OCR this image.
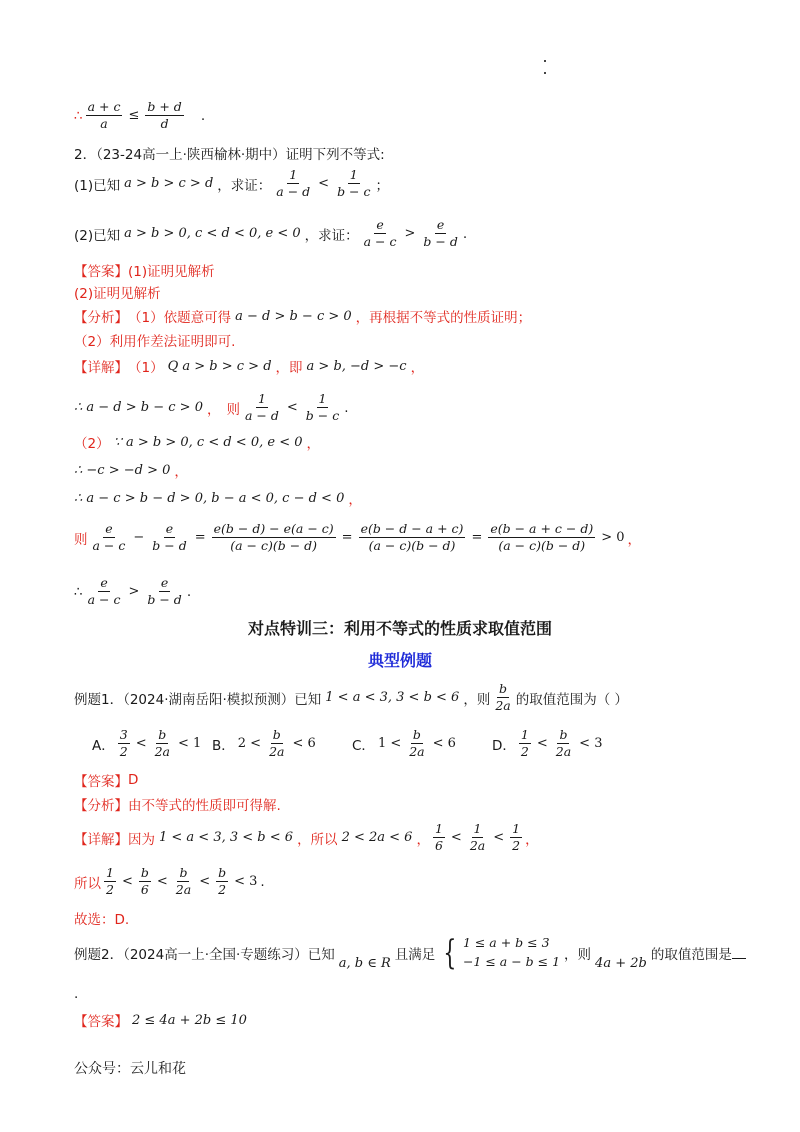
∴ $\frac{a + c}{a} \le \frac{b + d}{d}$ .
2．（23-24高一上·陕西榆林·期中）证明下列不等式:
(1)已知 a > b > c > d ，求证： $\frac{1}{a - d} < \frac{1}{b - c}$ ；
(2)已知 a > b > 0, c < d < 0, e < 0 ，求证： $\frac{e}{a - c} > \frac{e}{b - d}$ .
【答案】 (1)证明见解析
(2)证明见解析
【分析】 （1）依题意可得 a − d > b − c > 0 ，再根据不等式的性质证明；
（2）利用作差法证明即可.
【详解】 （1） Q a > b > c > d ，即 a > b, −d > −c ，
∴ a − d > b − c > 0 ， 则 $\frac{1}{a - d} < \frac{1}{b - c}$ .
（2） ∵ a > b > 0, c < d < 0, e < 0 ，
∴ −c > −d > 0 ，
∴ a − c > b − d > 0, b − a < 0, c − d < 0 ，
则 $\frac{e}{a - c} - \frac{e}{b - d} = \frac{e(b - d) - e(a - c)}{(a - c)(b - d)} = \frac{e(b - d - a + c)}{(a - c)(b - d)} = \frac{e(b - a + c - d)}{(a - c)(b - d)} > 0$ ，
∴ $\frac{e}{a - c} > \frac{e}{b - d}$ .
对点特训三：利用不等式的性质求取值范围
典型例题
例题1．（2024·湖南岳阳·模拟预测）已知 1 < a < 3, 3 < b < 6 ，则 $\frac{b}{2a}$ 的取值范围为（ ）
A． $\frac{3}{2} < \frac{b}{2a} < 1$ B． $2 < \frac{b}{2a} < 6$	C． $1 < \frac{b}{2a} < 6$	D． $\frac{1}{2} < \frac{b}{2a} < 3$
【答案】 D
【分析】 由不等式的性质即可得解.
【详解】 因为 1 < a < 3, 3 < b < 6 ，所以 2 < 2a < 6 ， $\frac{1}{6} < \frac{1}{2a} < \frac{1}{2}$ ，
所以 $\frac{1}{2} < \frac{b}{6} < \frac{b}{2a} < \frac{b}{2} < 3$ .
故选：D.
例题2．（2024高一上·全国·专题练习）已知
a, b ∈ R
且满足 { 1 ≤ a + b ≤ 3
−1 ≤ a − b ≤ 1 ，则
4a + 2b
的取值范围是
.
【答案】 2 ≤ 4a + 2b ≤ 10
公众号：云儿和花
